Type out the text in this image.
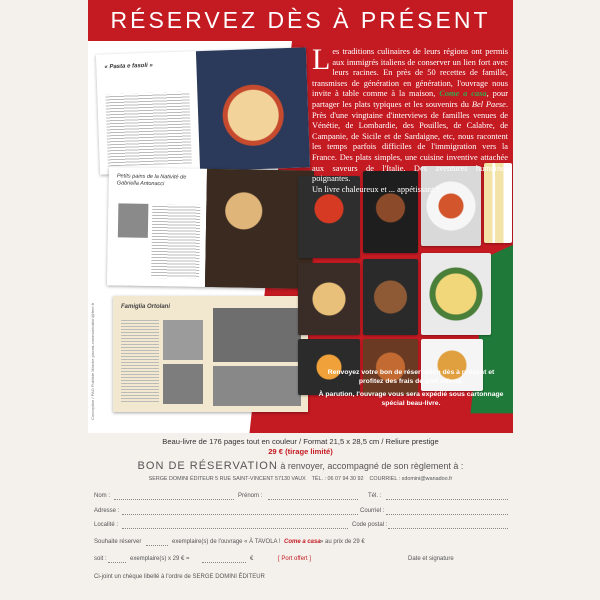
RÉSERVEZ DÈS À PRÉSENT
« Pasta e fasoli »
Petits pains de la Nativité de Gabriella Antonacci
Famiglia Ortolani
Conception / PAO Publiste Marche piscrat-communication@free.fr
Les traditions culinaires de leurs régions ont permis aux immigrés italiens de conserver un lien fort avec leurs racines. En près de 50 recettes de famille, transmises de génération en génération, l'ouvrage nous invite à table comme à la maison, Come a casa, pour partager les plats typiques et les souvenirs du Bel Paese. Près d'une vingtaine d'interviews de familles venues de Vénétie, de Lombardie, des Pouilles, de Calabre, de Campanie, de Sicile et de Sardaigne, etc, nous racontent les temps parfois difficiles de l'immigration vers la France. Des plats simples, une cuisine inventive attachée aux saveurs de l'Italie. Des aventures humaines poignantes.
Un livre chaleureux et ... appétissant !

Renvoyez votre bon de réservation dès à présent et profitez des frais de port offerts.

À parution, l'ouvrage vous sera expédié sous cartonnage spécial beau-livre.

Beau-livre de 176 pages tout en couleur / Format 21,5 x 28,5 cm / Reliure prestige
29 € (tirage limité)
BON DE RÉSERVATION à renvoyer, accompagné de son règlement à :
SERGE DOMINI ÉDITEUR 5 RUE SAINT-VINCENT 57130 VAUX TÉL. : 06 07 94 30 92 COURRIEL : sdomini@wanadoo.fr
Nom :	Prénom :	Tél. :
Adresse :	Courriel :
Localité :	Code postal :
Souhaite réserver	exemplaire(s) de l'ouvrage « À TAVOLA ! Come a casa » au prix de 29 €
soit :	exemplaire(s) x 29 € =	€	[ Port offert ]	Date et signature
Ci-joint un chèque libellé à l'ordre de SERGE DOMINI ÉDITEUR
